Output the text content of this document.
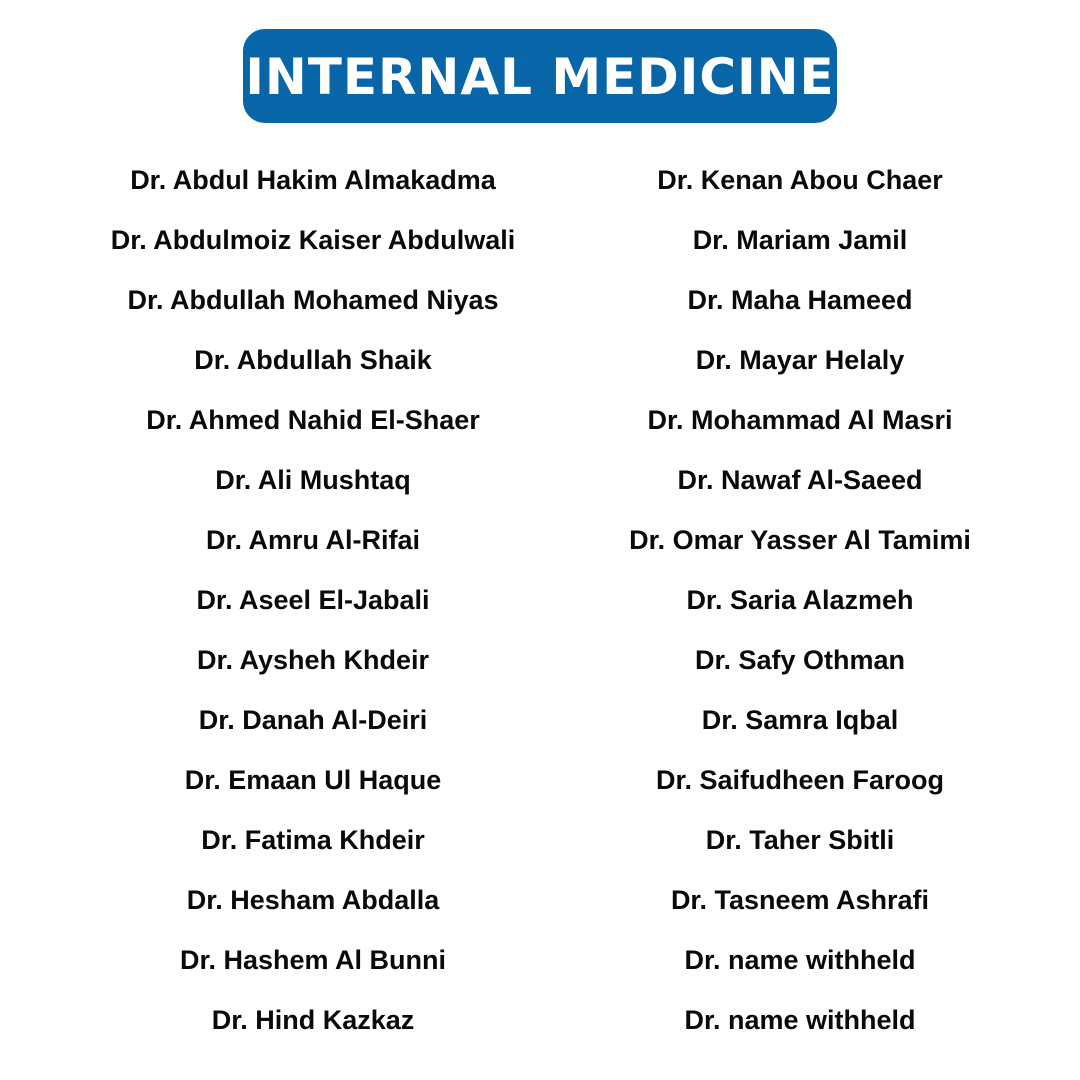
INTERNAL MEDICINE
Dr. Abdul Hakim Almakadma
Dr. Abdulmoiz Kaiser Abdulwali
Dr. Abdullah Mohamed Niyas
Dr. Abdullah Shaik
Dr. Ahmed Nahid El-Shaer
Dr. Ali Mushtaq
Dr. Amru Al-Rifai
Dr. Aseel El-Jabali
Dr. Aysheh Khdeir
Dr. Danah Al-Deiri
Dr. Emaan Ul Haque
Dr. Fatima Khdeir
Dr. Hesham Abdalla
Dr. Hashem Al Bunni
Dr. Hind Kazkaz
Dr. Kenan Abou Chaer
Dr. Mariam Jamil
Dr. Maha Hameed
Dr. Mayar Helaly
Dr. Mohammad Al Masri
Dr. Nawaf Al-Saeed
Dr. Omar Yasser Al Tamimi
Dr. Saria Alazmeh
Dr. Safy Othman
Dr. Samra Iqbal
Dr. Saifudheen Faroog
Dr. Taher Sbitli
Dr. Tasneem Ashrafi
Dr. name withheld
Dr. name withheld
